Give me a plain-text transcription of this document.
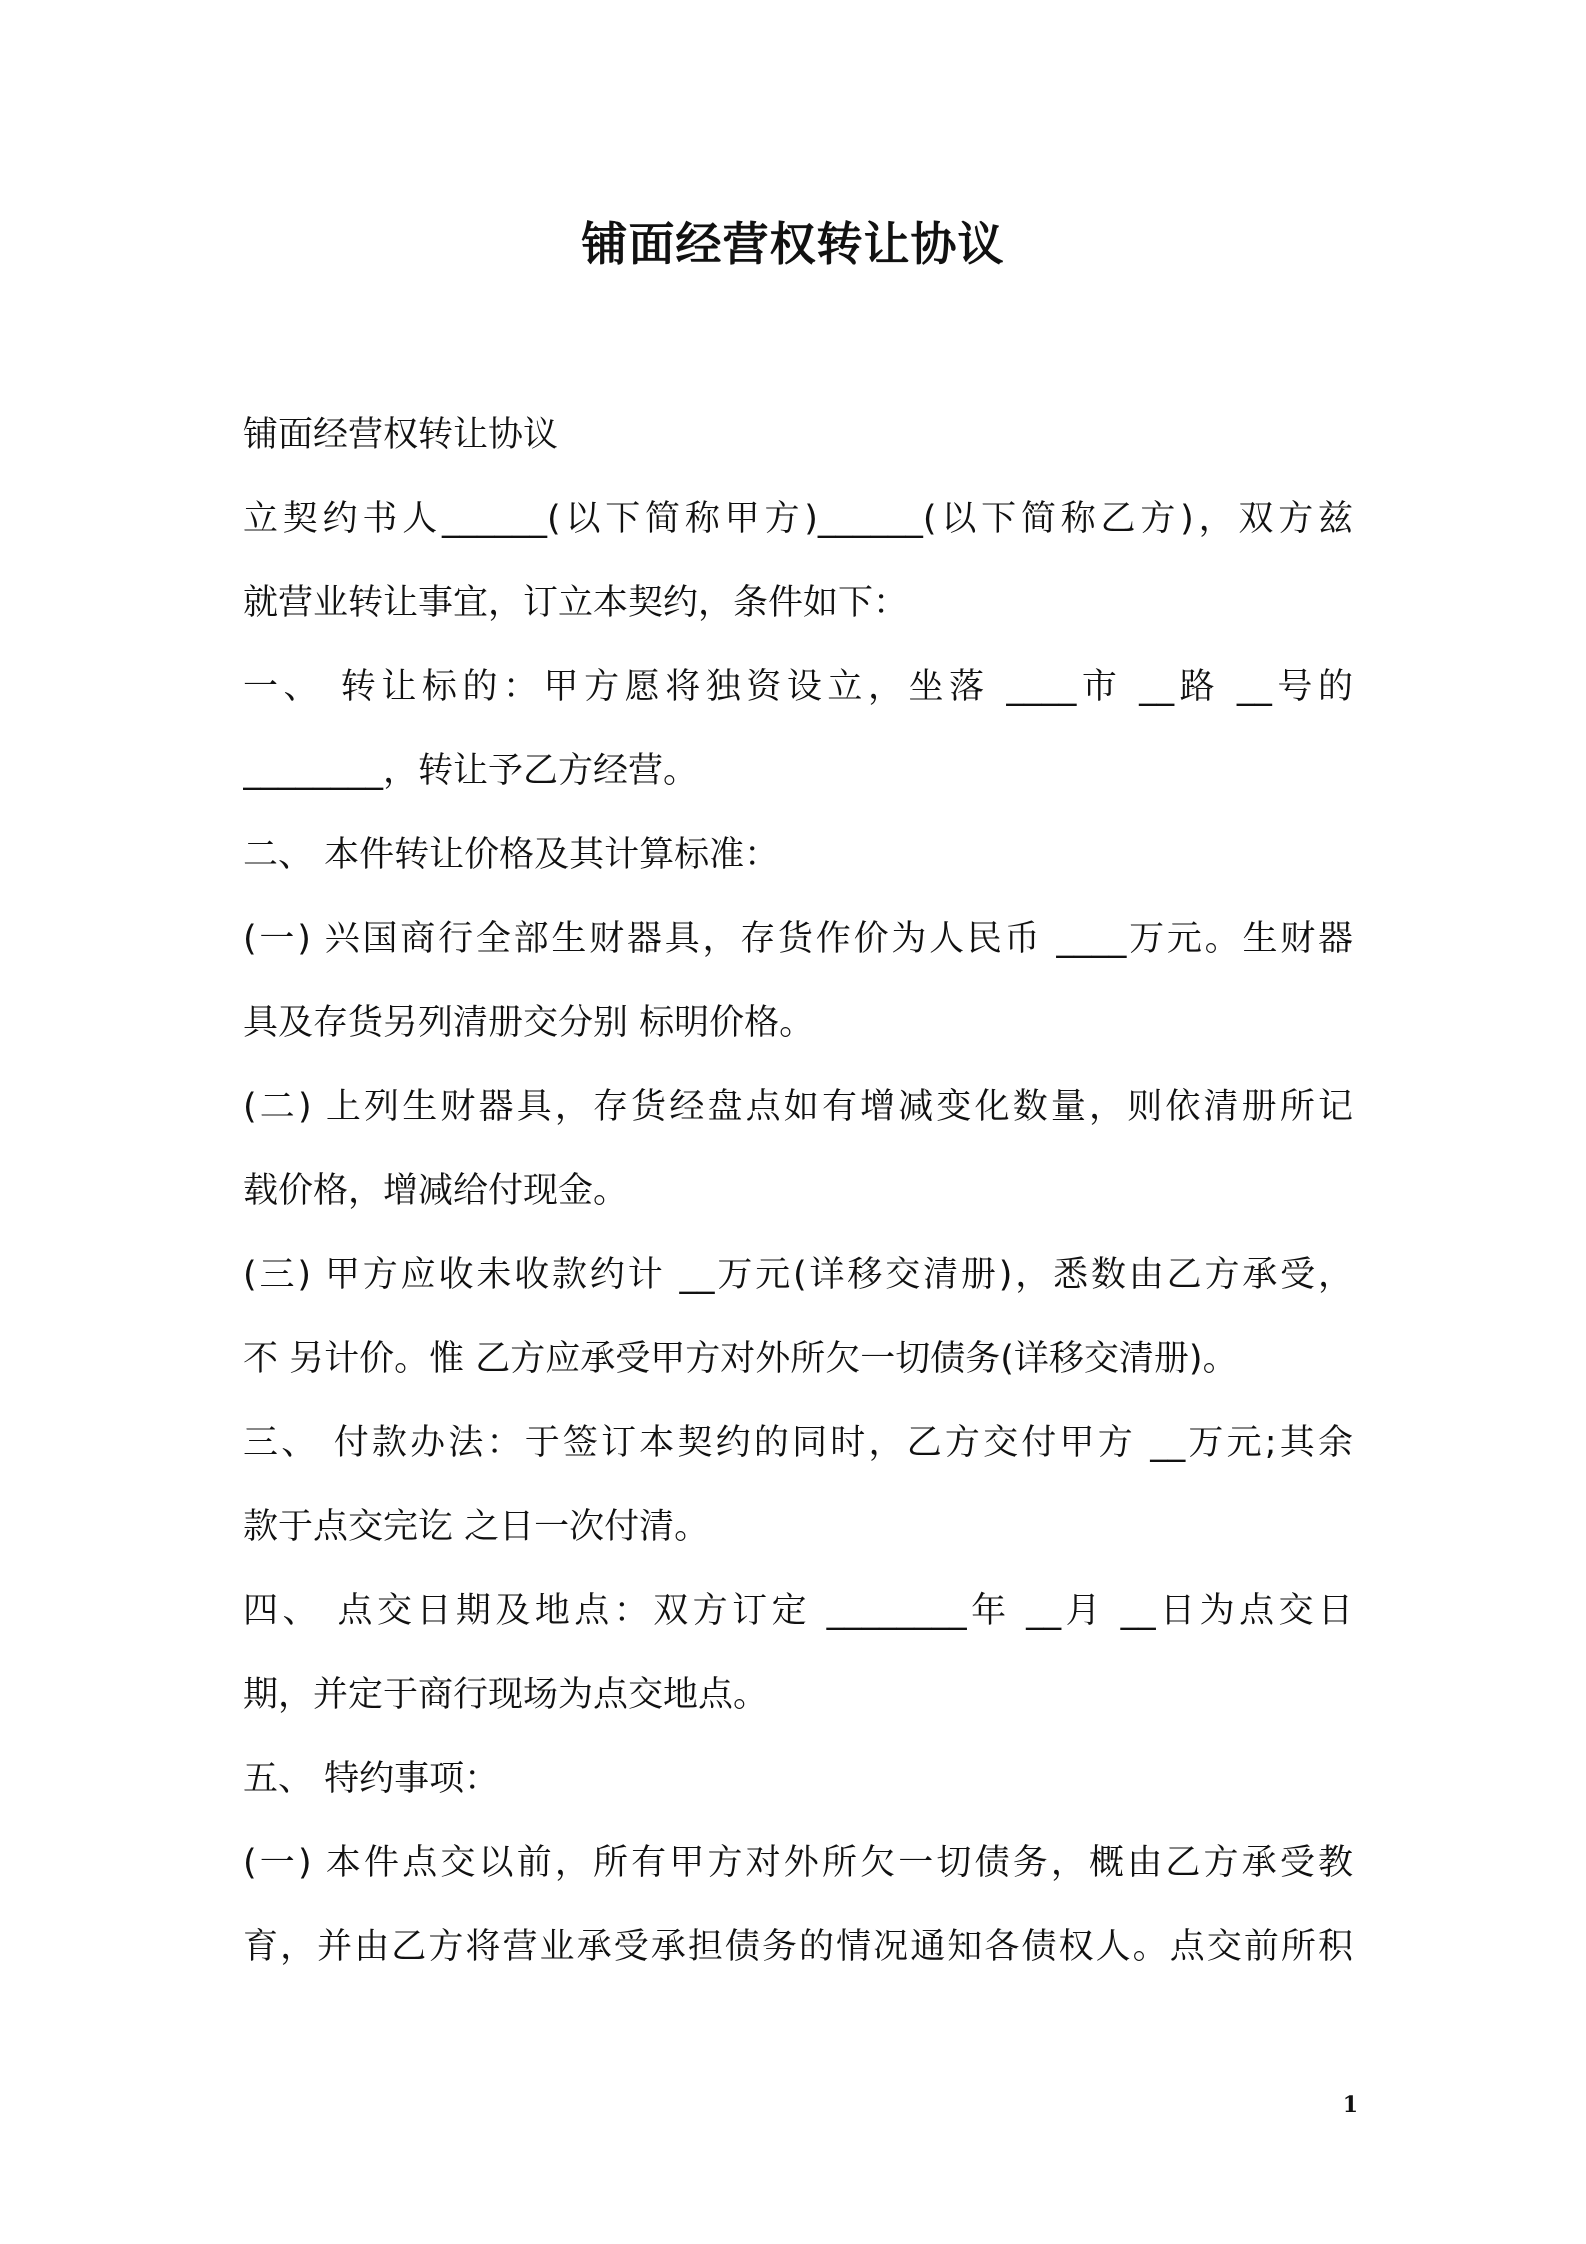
铺面经营权转让协议
铺面经营权转让协议
立契约书人______(以下简称甲方)______(以下简称乙方)，双方兹
就营业转让事宜，订立本契约，条件如下：
一、 转让标的：甲方愿将独资设立，坐落 ____市 __路 __号的
________，转让予乙方经营。
二、 本件转让价格及其计算标准：
(一) 兴国商行全部生财器具，存货作价为人民币 ____万元。生财器
具及存货另列清册交分别 标明价格。
(二) 上列生财器具，存货经盘点如有增减变化数量，则依清册所记
载价格，增减给付现金。
(三) 甲方应收未收款约计 __万元(详移交清册)，悉数由乙方承受，
不 另计价。惟 乙方应承受甲方对外所欠一切债务(详移交清册)。
三、 付款办法：于签订本契约的同时，乙方交付甲方 __万元;其余
款于点交完讫 之日一次付清。
四、 点交日期及地点：双方订定 ________年 __月 __日为点交日
期，并定于商行现场为点交地点。
五、 特约事项：
(一) 本件点交以前，所有甲方对外所欠一切债务，概由乙方承受教
育，并由乙方将营业承受承担债务的情况通知各债权人。点交前所积
1
